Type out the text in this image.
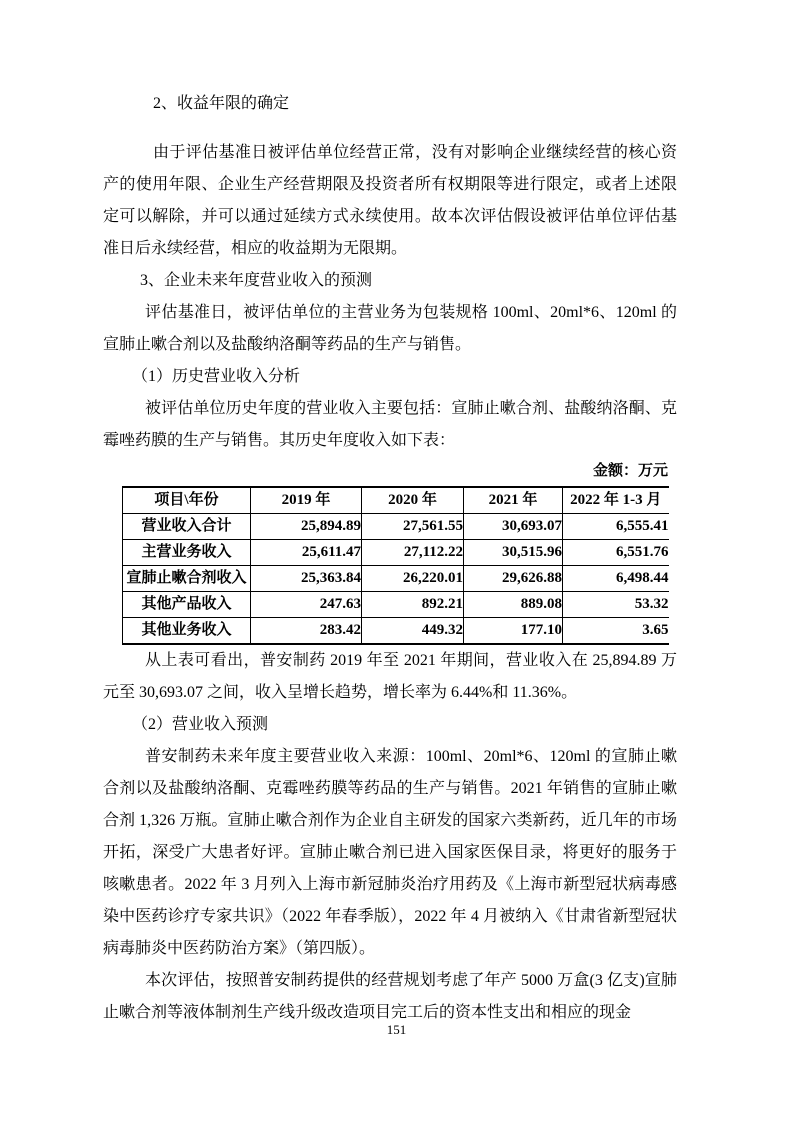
2、收益年限的确定

由于评估基准日被评估单位经营正常，没有对影响企业继续经营的核心资产的使用年限、企业生产经营期限及投资者所有权期限等进行限定，或者上述限定可以解除，并可以通过延续方式永续使用。故本次评估假设被评估单位评估基准日后永续经营，相应的收益期为无限期。

3、企业未来年度营业收入的预测

评估基准日，被评估单位的主营业务为包装规格 100ml、20ml*6、120ml 的宣肺止嗽合剂以及盐酸纳洛酮等药品的生产与销售。

（1）历史营业收入分析

被评估单位历史年度的营业收入主要包括：宣肺止嗽合剂、盐酸纳洛酮、克霉唑药膜的生产与销售。其历史年度收入如下表：

金额：万元
项目\年份	2019 年	2020 年	2021 年	2022 年 1-3 月
营业收入合计	25,894.89	27,561.55	30,693.07	6,555.41
主营业务收入	25,611.47	27,112.22	30,515.96	6,551.76
宣肺止嗽合剂收入	25,363.84	26,220.01	29,626.88	6,498.44
其他产品收入	247.63	892.21	889.08	53.32
其他业务收入	283.42	449.32	177.10	3.65

从上表可看出，普安制药 2019 年至 2021 年期间，营业收入在 25,894.89 万元至 30,693.07 之间，收入呈增长趋势，增长率为 6.44%和 11.36%。

（2）营业收入预测

普安制药未来年度主要营业收入来源：100ml、20ml*6、120ml 的宣肺止嗽合剂以及盐酸纳洛酮、克霉唑药膜等药品的生产与销售。2021 年销售的宣肺止嗽合剂 1,326 万瓶。宣肺止嗽合剂作为企业自主研发的国家六类新药，近几年的市场开拓，深受广大患者好评。宣肺止嗽合剂已进入国家医保目录，将更好的服务于咳嗽患者。2022 年 3 月列入上海市新冠肺炎治疗用药及《上海市新型冠状病毒感染中医药诊疗专家共识》（2022 年春季版），2022 年 4 月被纳入《甘肃省新型冠状病毒肺炎中医药防治方案》（第四版）。

本次评估，按照普安制药提供的经营规划考虑了年产 5000 万盒(3 亿支)宣肺止嗽合剂等液体制剂生产线升级改造项目完工后的资本性支出和相应的现金

151
